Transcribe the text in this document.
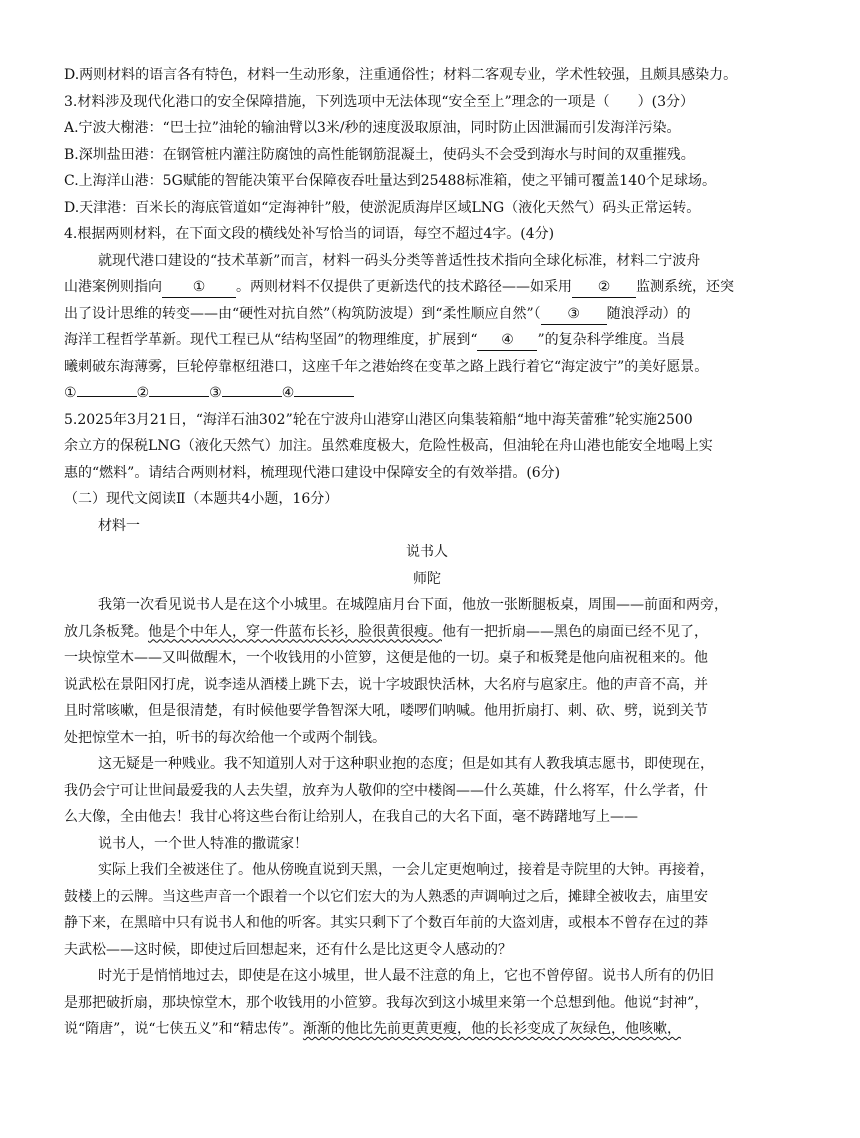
D.两则材料的语言各有特色，材料一生动形象，注重通俗性；材料二客观专业，学术性较强，且颇具感染力。
3.材料涉及现代化港口的安全保障措施，下列选项中无法体现“安全至上”理念的一项是（　　）(3分）
A.宁波大榭港：“巴士拉”油轮的输油臂以3米/秒的速度汲取原油，同时防止因泄漏而引发海洋污染。
B.深圳盐田港：在钢管桩内灌注防腐蚀的高性能钢筋混凝土，使码头不会受到海水与时间的双重摧残。
C.上海洋山港：5G赋能的智能决策平台保障夜吞吐量达到25488标准箱，使之平铺可覆盖140个足球场。
D.天津港：百米长的海底管道如“定海神针”般，使淤泥质海岸区域LNG（液化天然气）码头正常运转。
4.根据两则材料，在下面文段的横线处补写恰当的词语，每空不超过4字。(4分)
就现代港口建设的“技术革新”而言，材料一码头分类等普适性技术指向全球化标准，材料二宁波舟
山港案例则指向 ① 。两则材料不仅提供了更新迭代的技术路径——如采用 ② 监测系统，还突
出了设计思维的转变——由“硬性对抗自然”（构筑防波堤）到“柔性顺应自然”（ ③ 随浪浮动）的
海洋工程哲学革新。现代工程已从“结构坚固”的物理维度，扩展到“ ④ ”的复杂科学维度。当晨
曦刺破东海薄雾，巨轮停靠枢纽港口，这座千年之港始终在变革之路上践行着它“海定波宁”的美好愿景。
①	②	③	④
5.2025年3月21日，“海洋石油302”轮在宁波舟山港穿山港区向集装箱船“地中海芙蕾雅”轮实施2500
余立方的保税LNG（液化天然气）加注。虽然难度极大，危险性极高，但油轮在舟山港也能安全地喝上实
惠的“燃料”。请结合两则材料，梳理现代港口建设中保障安全的有效举措。(6分)
（二）现代文阅读Ⅱ（本题共4小题，16分）
材料一
说书人
师陀
我第一次看见说书人是在这个小城里。在城隍庙月台下面，他放一张断腿板桌，周围——前面和两旁，
放几条板凳。他是个中年人，穿一件蓝布长衫，脸很黄很瘦。他有一把折扇——黑色的扇面已经不见了，
一块惊堂木——又叫做醒木，一个收钱用的小笸箩，这便是他的一切。桌子和板凳是他向庙祝租来的。他
说武松在景阳冈打虎，说李逵从酒楼上跳下去，说十字坡跟快活林，大名府与扈家庄。他的声音不高，并
且时常咳嗽，但是很清楚，有时候他要学鲁智深大吼，喽啰们呐喊。他用折扇打、刺、砍、劈，说到关节
处把惊堂木一拍，听书的每次给他一个或两个制钱。
这无疑是一种贱业。我不知道别人对于这种职业抱的态度；但是如其有人教我填志愿书，即使现在，
我仍会宁可让世间最爱我的人去失望，放弃为人敬仰的空中楼阁——什么英雄，什么将军，什么学者，什
么大像，全由他去！我甘心将这些台衔让给别人，在我自己的大名下面，毫不踌躇地写上——
说书人，一个世人特准的撒谎家！
实际上我们全被迷住了。他从傍晚直说到天黑，一会儿定更炮响过，接着是寺院里的大钟。再接着，
鼓楼上的云牌。当这些声音一个跟着一个以它们宏大的为人熟悉的声调响过之后，摊肆全被收去，庙里安
静下来，在黑暗中只有说书人和他的听客。其实只剩下了个数百年前的大盗刘唐，或根本不曾存在过的莽
夫武松——这时候，即使过后回想起来，还有什么是比这更令人感动的？
时光于是悄悄地过去，即使是在这小城里，世人最不注意的角上，它也不曾停留。说书人所有的仍旧
是那把破折扇，那块惊堂木，那个收钱用的小笸箩。我每次到这小城里来第一个总想到他。他说“封神”，
说“隋唐”，说“七侠五义”和“精忠传”。渐渐的他比先前更黄更瘦，他的长衫变成了灰绿色，他咳嗽，
